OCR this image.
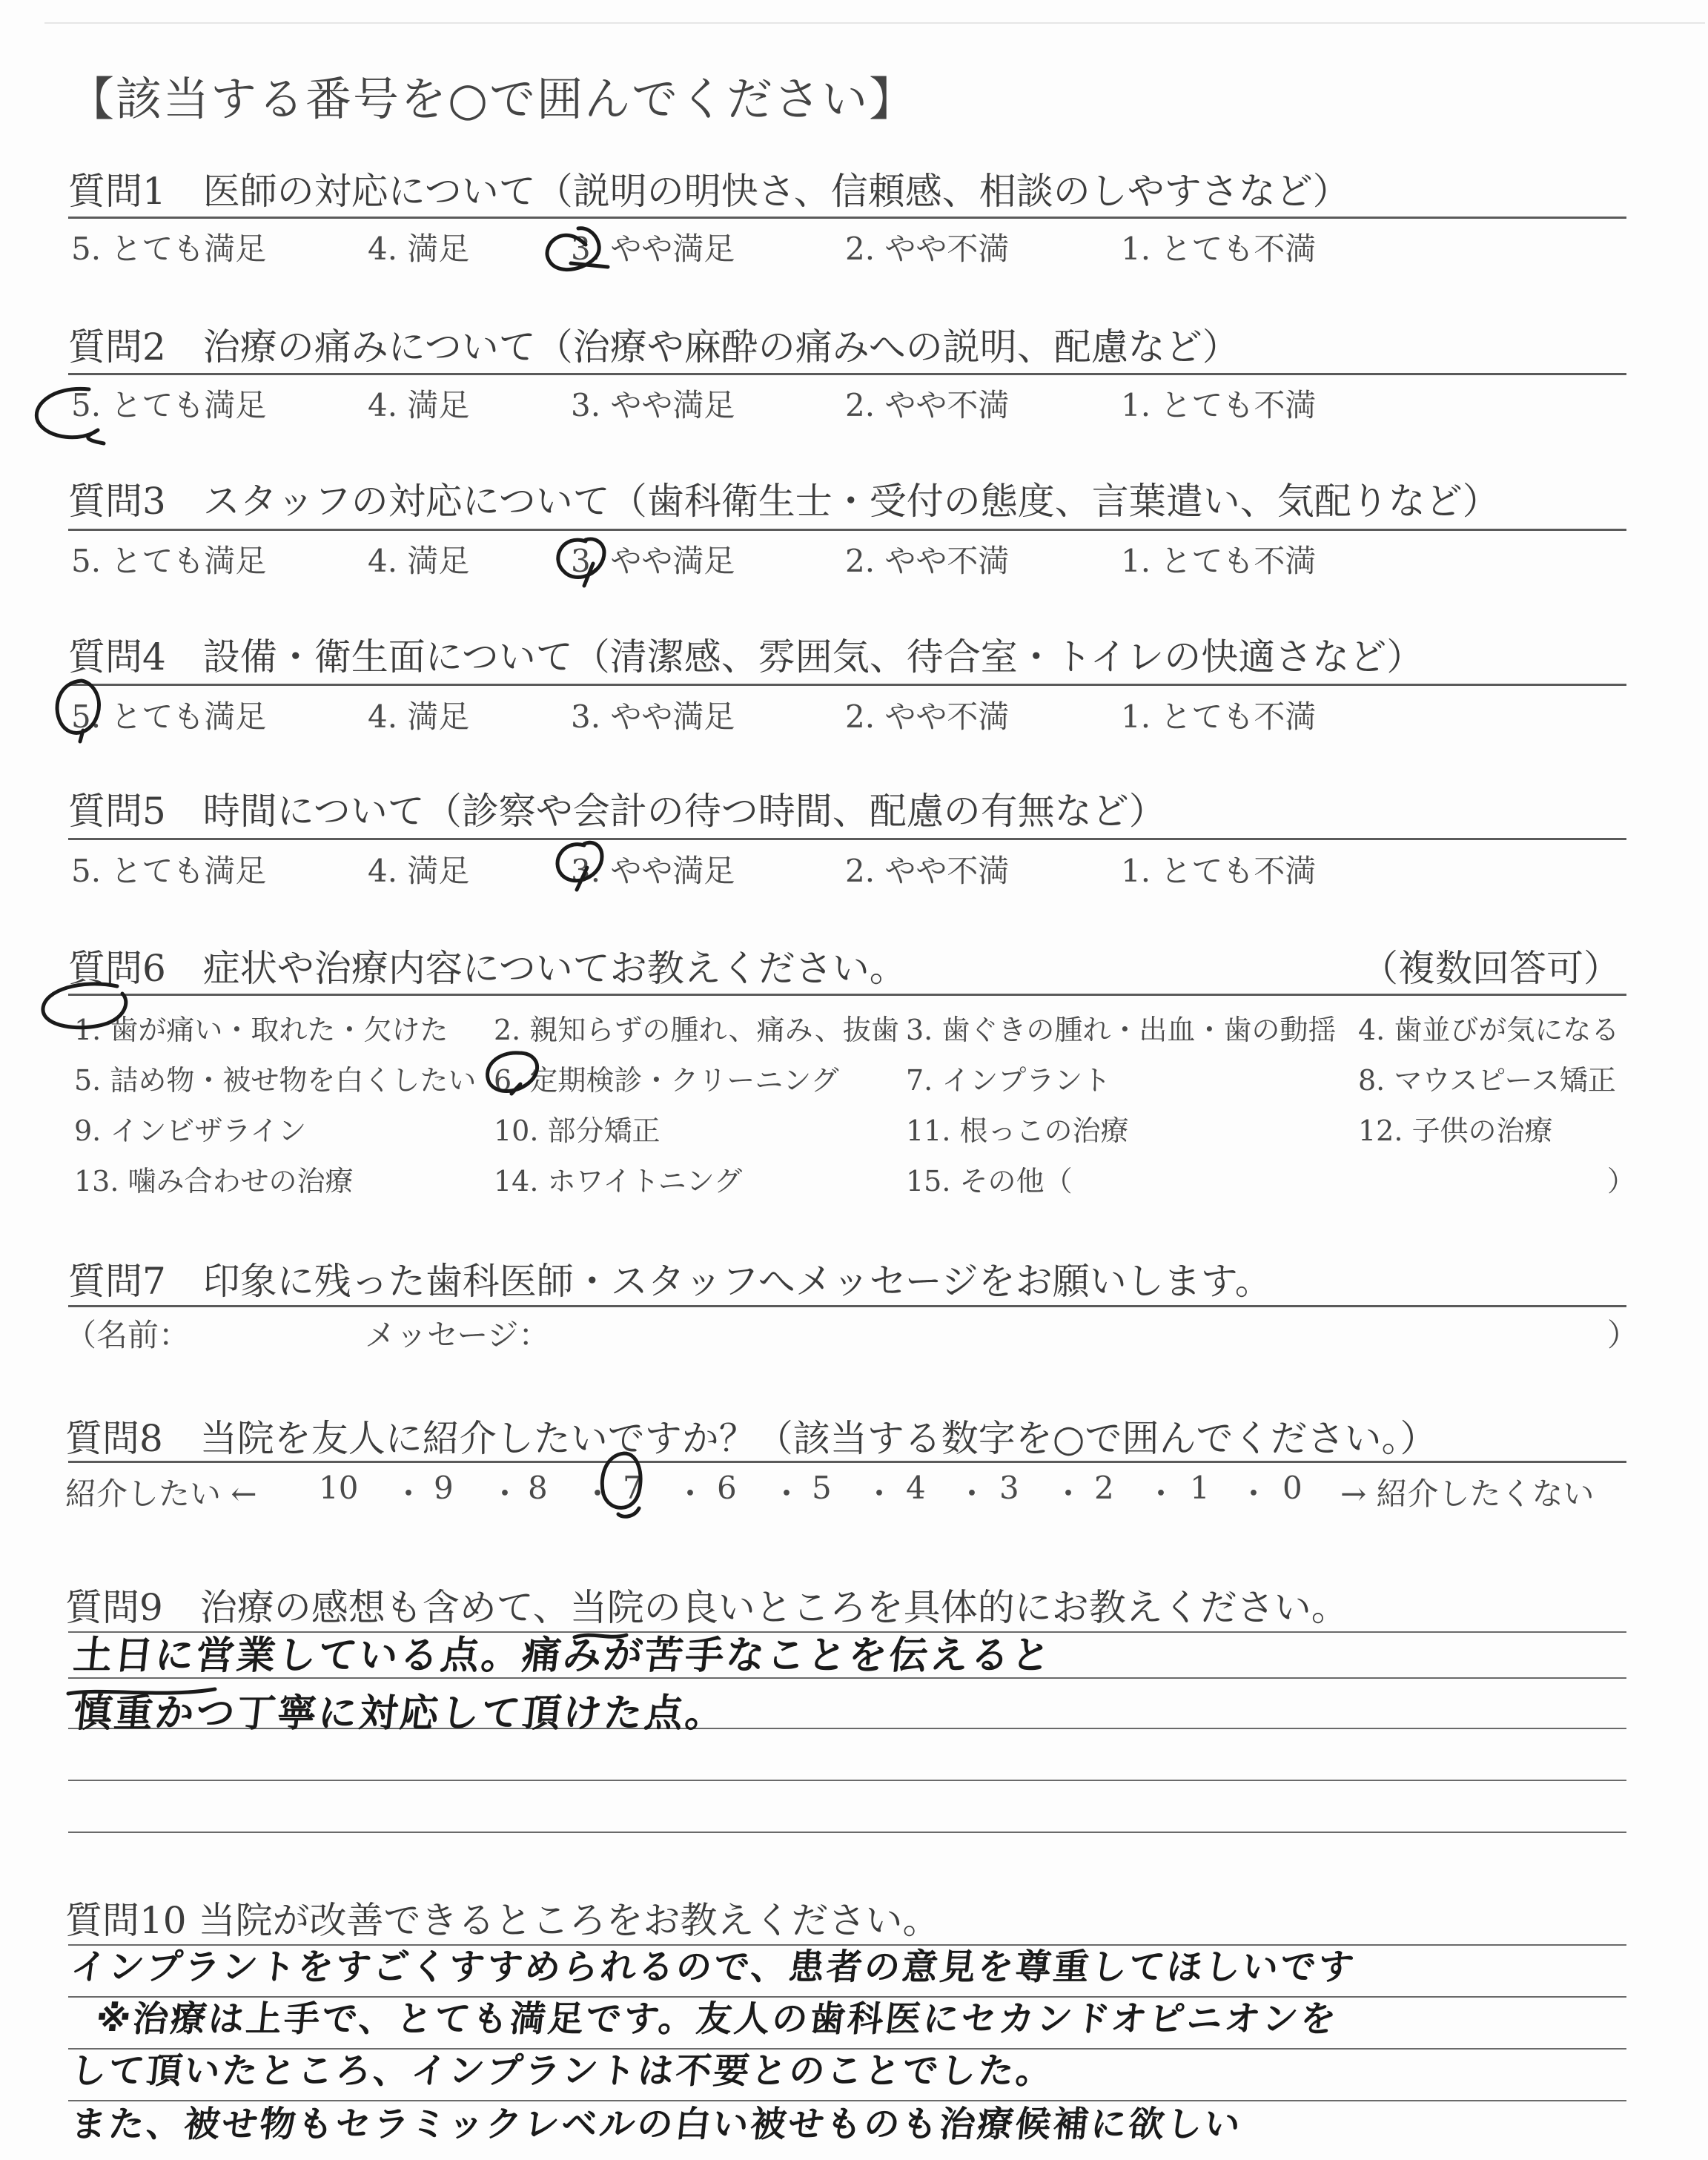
【該当する番号を○で囲んでください】
質問1　医師の対応について（説明の明快さ、信頼感、相談のしやすさなど）
5. とても満足	4. 満足	3. やや満足	2. やや不満	1. とても不満
質問2　治療の痛みについて（治療や麻酔の痛みへの説明、配慮など）
5. とても満足	4. 満足	3. やや満足	2. やや不満	1. とても不満
質問3　スタッフの対応について（歯科衛生士・受付の態度、言葉遣い、気配りなど）
5. とても満足	4. 満足	3. やや満足	2. やや不満	1. とても不満
質問4　設備・衛生面について（清潔感、雰囲気、待合室・トイレの快適さなど）
5. とても満足	4. 満足	3. やや満足	2. やや不満	1. とても不満
質問5　時間について（診察や会計の待つ時間、配慮の有無など）
5. とても満足	4. 満足	3. やや満足	2. やや不満	1. とても不満
質問6　症状や治療内容についてお教えください。	（複数回答可）
1. 歯が痛い・取れた・欠けた 2. 親知らずの腫れ、痛み、抜歯 3. 歯ぐきの腫れ・出血・歯の動揺 4. 歯並びが気になる
5. 詰め物・被せ物を白くしたい 6. 定期検診・クリーニング 7. インプラント	8. マウスピース矯正
9. インビザライン	10. 部分矯正	11. 根っこの治療	12. 子供の治療
13. 噛み合わせの治療	14. ホワイトニング	15. その他（	）
質問7　印象に残った歯科医師・スタッフへメッセージをお願いします。
（名前：	メッセージ：	）
質問8　当院を友人に紹介したいですか？（該当する数字を○で囲んでください。）
紹介したい ← 10 9 8 7 6 5 4 3 2 1 0
・ ・ ・ ・ ・ ・ ・ ・ ・ ・ → 紹介したくない
質問9　治療の感想も含めて、当院の良いところを具体的にお教えください。
土日に営業している点。痛みが苦手なことを伝えると
慎重かつ丁寧に対応して頂けた点。
質問10 当院が改善できるところをお教えください。
インプラントをすごくすすめられるので、患者の意見を尊重してほしいです
※治療は上手で、とても満足です。友人の歯科医にセカンドオピニオンを
して頂いたところ、インプラントは不要とのことでした。
また、被せ物もセラミックレベルの白い被せものも治療候補に欲しい
